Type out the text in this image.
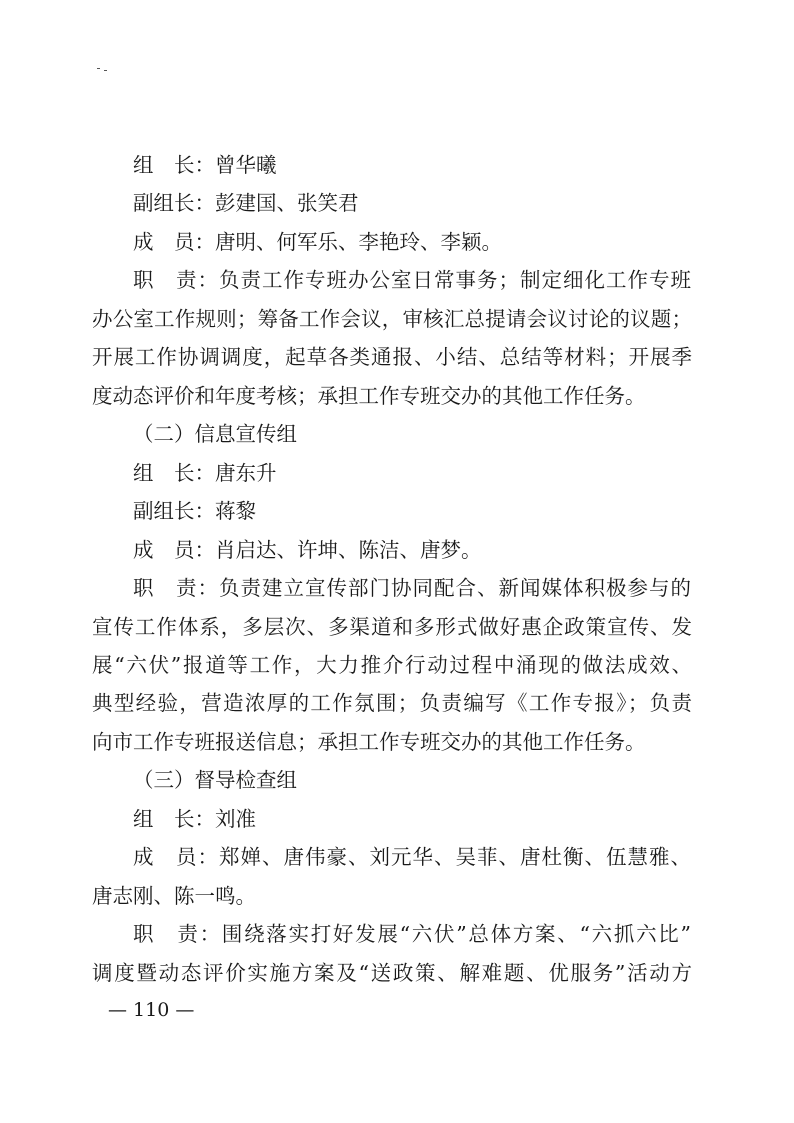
组　长：曾华曦
副组长：彭建国、张笑君
成　员：唐明、何军乐、李艳玲、李颖。
职　责：负责工作专班办公室日常事务；制定细化工作专班
办公室工作规则；筹备工作会议，审核汇总提请会议讨论的议题；
开展工作协调调度，起草各类通报、小结、总结等材料；开展季
度动态评价和年度考核；承担工作专班交办的其他工作任务。
（二）信息宣传组
组　长：唐东升
副组长：蒋黎
成　员：肖启达、许坤、陈洁、唐梦。
职　责：负责建立宣传部门协同配合、新闻媒体积极参与的
宣传工作体系，多层次、多渠道和多形式做好惠企政策宣传、发
展“六伏”报道等工作，大力推介行动过程中涌现的做法成效、
典型经验，营造浓厚的工作氛围；负责编写《工作专报》；负责
向市工作专班报送信息；承担工作专班交办的其他工作任务。
（三）督导检查组
组　长：刘准
成　员：郑婵、唐伟豪、刘元华、吴菲、唐杜衡、伍慧雅、
唐志刚、陈一鸣。
职　责：围绕落实打好发展“六伏”总体方案、“六抓六比”
调度暨动态评价实施方案及“送政策、解难题、优服务”活动方
— 110 —
